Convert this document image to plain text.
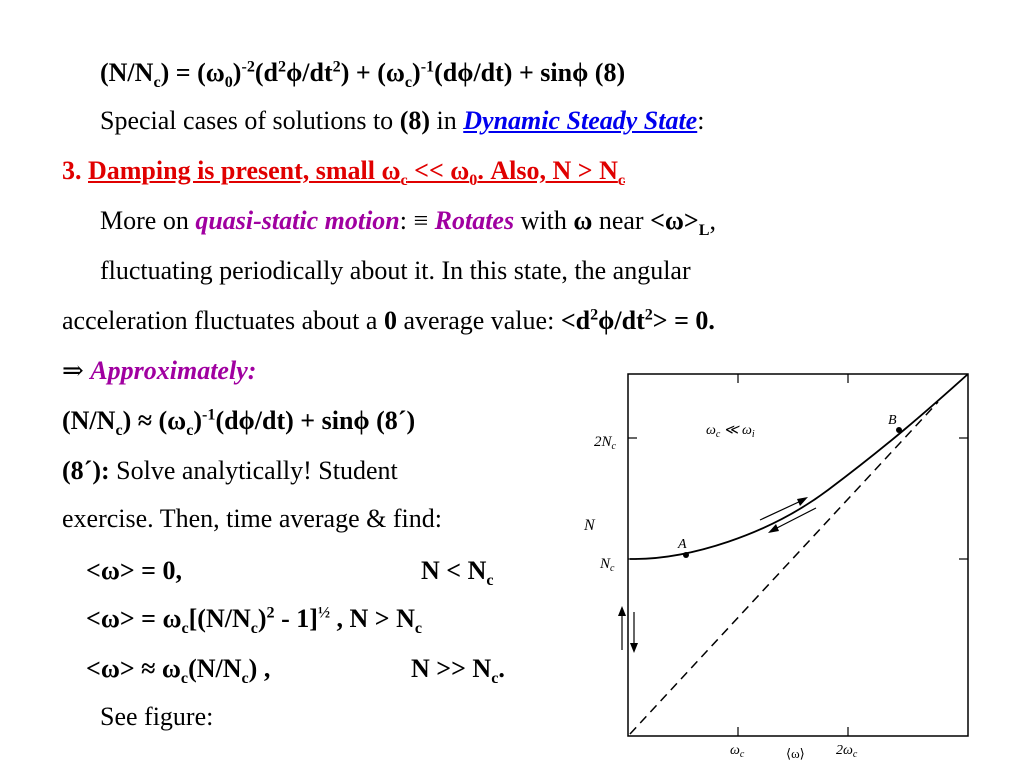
$(N/N_c) = (\omega_0)^{-2}(d^2\phi/dt^2) + (\omega_c)^{-1}(d\phi/dt) + \sin\phi$ (8)
Special cases of solutions to (8) in Dynamic Steady State:
3. Damping is present, small $\omega_c << \omega_0$. Also, $N > N_c$
More on quasi-static motion: ≡ Rotates with ω near $<\omega>_L$,
fluctuating periodically about it. In this state, the angular
acceleration fluctuates about a 0 average value: $<d^2\phi/dt^2> = 0$.
⇒ Approximately:
$(N/N_c) \approx (\omega_c)^{-1}(d\phi/dt) + \sin\phi$ (8´)
(8´): Solve analytically! Student
exercise. Then, time average & find:
<ω> = 0,	$N < N_c$
$<\omega> = \omega_c[(N/N_c)^2 - 1]^{\frac{1}{2}}$ , $N > N_c$
$<\omega> \approx \omega_c(N/N_c)$ ,	$N >> N_c$.
See figure:
$2N_c$
$N_c$
N
$\omega_c$	$2\omega_c$
⟨ω⟩
$\omega_c$ ≪ $\omega_i$
A
B
